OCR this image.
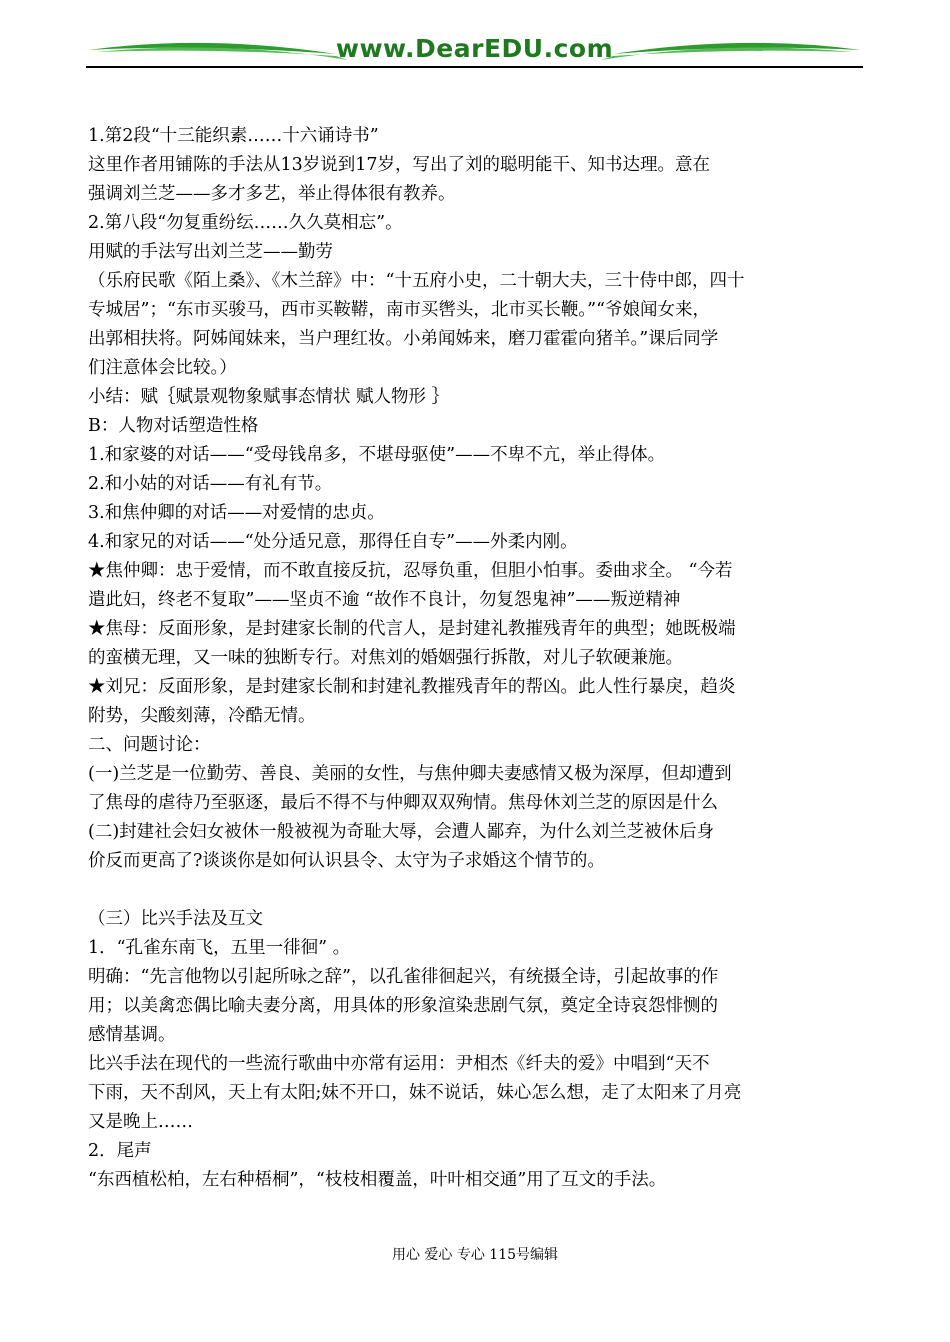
www.DearEDU.com

1.第2段“十三能织素……十六诵诗书”

这里作者用铺陈的手法从13岁说到17岁，写出了刘的聪明能干、知书达理。意在

强调刘兰芝——多才多艺，举止得体很有教养。

2.第八段“勿复重纷纭……久久莫相忘”。

用赋的手法写出刘兰芝——勤劳

（乐府民歌《陌上桑》、《木兰辞》中：“十五府小史，二十朝大夫，三十侍中郎，四十

专城居”；“东市买骏马，西市买鞍鞯，南市买辔头，北市买长鞭。”“爷娘闻女来，

出郭相扶将。阿姊闻妹来，当户理红妆。小弟闻姊来，磨刀霍霍向猪羊。”课后同学

们注意体会比较。）

小结：赋｛赋景观物象赋事态情状 赋人物形 ｝

B：人物对话塑造性格

1.和家婆的对话——“受母钱帛多，不堪母驱使”——不卑不亢，举止得体。

2.和小姑的对话——有礼有节。

3.和焦仲卿的对话——对爱情的忠贞。

4.和家兄的对话——“处分适兄意，那得任自专”——外柔内刚。

★焦仲卿：忠于爱情，而不敢直接反抗，忍辱负重，但胆小怕事。委曲求全。 “今若

遣此妇，终老不复取”——坚贞不逾 “故作不良计，勿复怨鬼神”——叛逆精神

★焦母：反面形象，是封建家长制的代言人，是封建礼教摧残青年的典型；她既极端

的蛮横无理，又一味的独断专行。对焦刘的婚姻强行拆散，对儿子软硬兼施。

★刘兄：反面形象，是封建家长制和封建礼教摧残青年的帮凶。此人性行暴戾，趋炎

附势，尖酸刻薄，冷酷无情。

二、问题讨论：

(一)兰芝是一位勤劳、善良、美丽的女性，与焦仲卿夫妻感情又极为深厚，但却遭到

了焦母的虐待乃至驱逐，最后不得不与仲卿双双殉情。焦母休刘兰芝的原因是什么

(二)封建社会妇女被休一般被视为奇耻大辱，会遭人鄙弃，为什么刘兰芝被休后身

价反而更高了?谈谈你是如何认识县令、太守为子求婚这个情节的。

（三）比兴手法及互文

1．“孔雀东南飞，五里一徘徊” 。

明确：“先言他物以引起所咏之辞”，以孔雀徘徊起兴，有统摄全诗，引起故事的作

用；以美禽恋偶比喻夫妻分离，用具体的形象渲染悲剧气氛，奠定全诗哀怨悱恻的

感情基调。

比兴手法在现代的一些流行歌曲中亦常有运用：尹相杰《纤夫的爱》中唱到“天不

下雨，天不刮风，天上有太阳;妹不开口，妹不说话，妹心怎么想，走了太阳来了月亮

又是晚上……

2．尾声

“东西植松柏，左右种梧桐”，“枝枝相覆盖，叶叶相交通”用了互文的手法。

用心 爱心 专心 115号编辑
